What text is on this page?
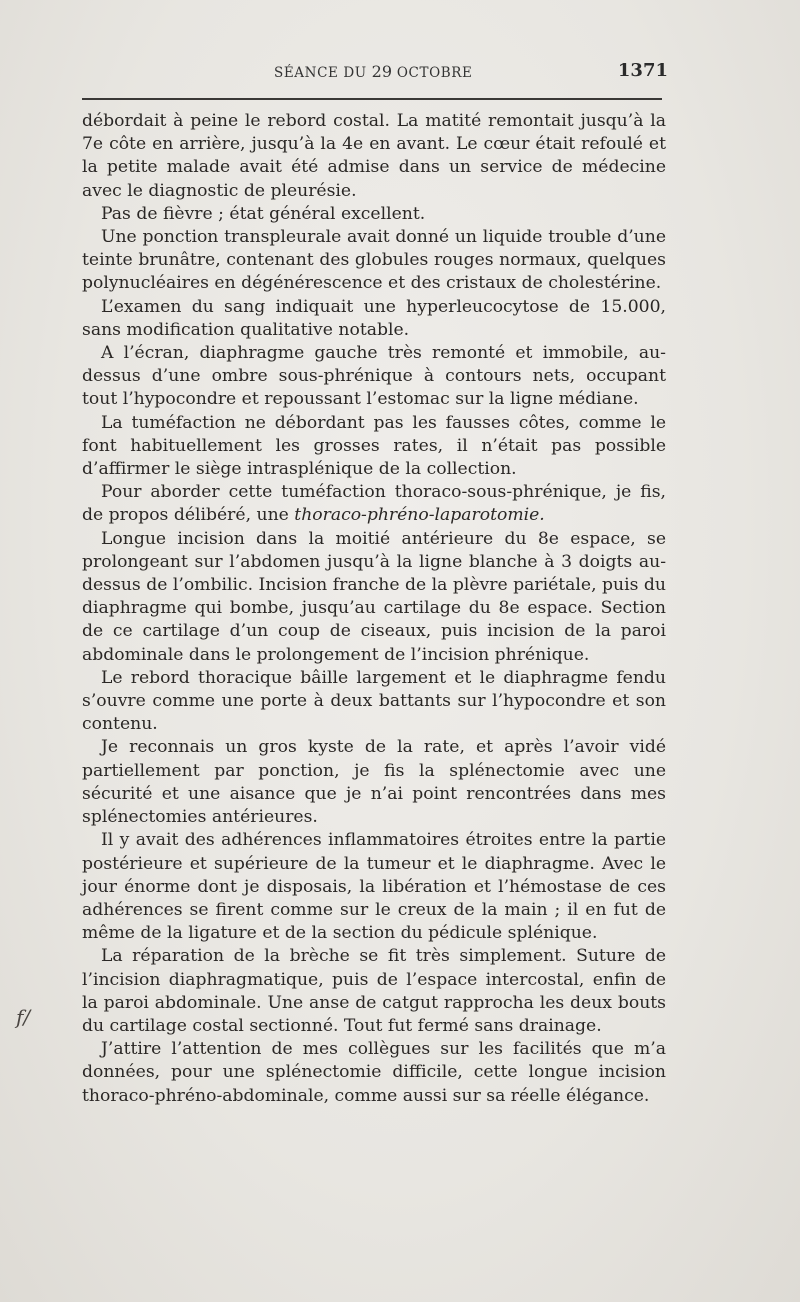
SÉANCE DU 29 OCTOBRE	1371

débordait à peine le rebord costal. La matité remontait jusqu’à la 7e côte en arrière, jusqu’à la 4e en avant. Le cœur était refoulé et la petite malade avait été admise dans un service de médecine avec le diagnostic de pleurésie.

Pas de fièvre ; état général excellent.

Une ponction transpleurale avait donné un liquide trouble d’une teinte brunâtre, contenant des globules rouges normaux, quelques polynucléaires en dégénérescence et des cristaux de cholestérine.

L’examen du sang indiquait une hyperleucocytose de 15.000, sans modification qualitative notable.

A l’écran, diaphragme gauche très remonté et immobile, au-dessus d’une ombre sous-phrénique à contours nets, occupant tout l’hypocondre et repoussant l’estomac sur la ligne médiane.

La tuméfaction ne débordant pas les fausses côtes, comme le font habituellement les grosses rates, il n’était pas possible d’affirmer le siège intrasplénique de la collection.

Pour aborder cette tuméfaction thoraco-sous-phrénique, je fis, de propos délibéré, une thoraco-phréno-laparotomie.

Longue incision dans la moitié antérieure du 8e espace, se prolongeant sur l’abdomen jusqu’à la ligne blanche à 3 doigts au-dessus de l’ombilic. Incision franche de la plèvre pariétale, puis du diaphragme qui bombe, jusqu’au cartilage du 8e espace. Section de ce cartilage d’un coup de ciseaux, puis incision de la paroi abdominale dans le prolongement de l’incision phrénique.

Le rebord thoracique bâille largement et le diaphragme fendu s’ouvre comme une porte à deux battants sur l’hypocondre et son contenu.

Je reconnais un gros kyste de la rate, et après l’avoir vidé partiellement par ponction, je fis la splénectomie avec une sécurité et une aisance que je n’ai point rencontrées dans mes splénectomies antérieures.

Il y avait des adhérences inflammatoires étroites entre la partie postérieure et supérieure de la tumeur et le diaphragme. Avec le jour énorme dont je disposais, la libération et l’hémostase de ces adhérences se firent comme sur le creux de la main ; il en fut de même de la ligature et de la section du pédicule splénique.

La réparation de la brèche se fit très simplement. Suture de l’incision diaphragmatique, puis de l’espace intercostal, enfin de la paroi abdominale. Une anse de catgut rapprocha les deux bouts du cartilage costal sectionné. Tout fut fermé sans drainage.

J’attire l’attention de mes collègues sur les facilités que m’a données, pour une splénectomie difficile, cette longue incision thoraco-phréno-abdominale, comme aussi sur sa réelle élégance.

f/
